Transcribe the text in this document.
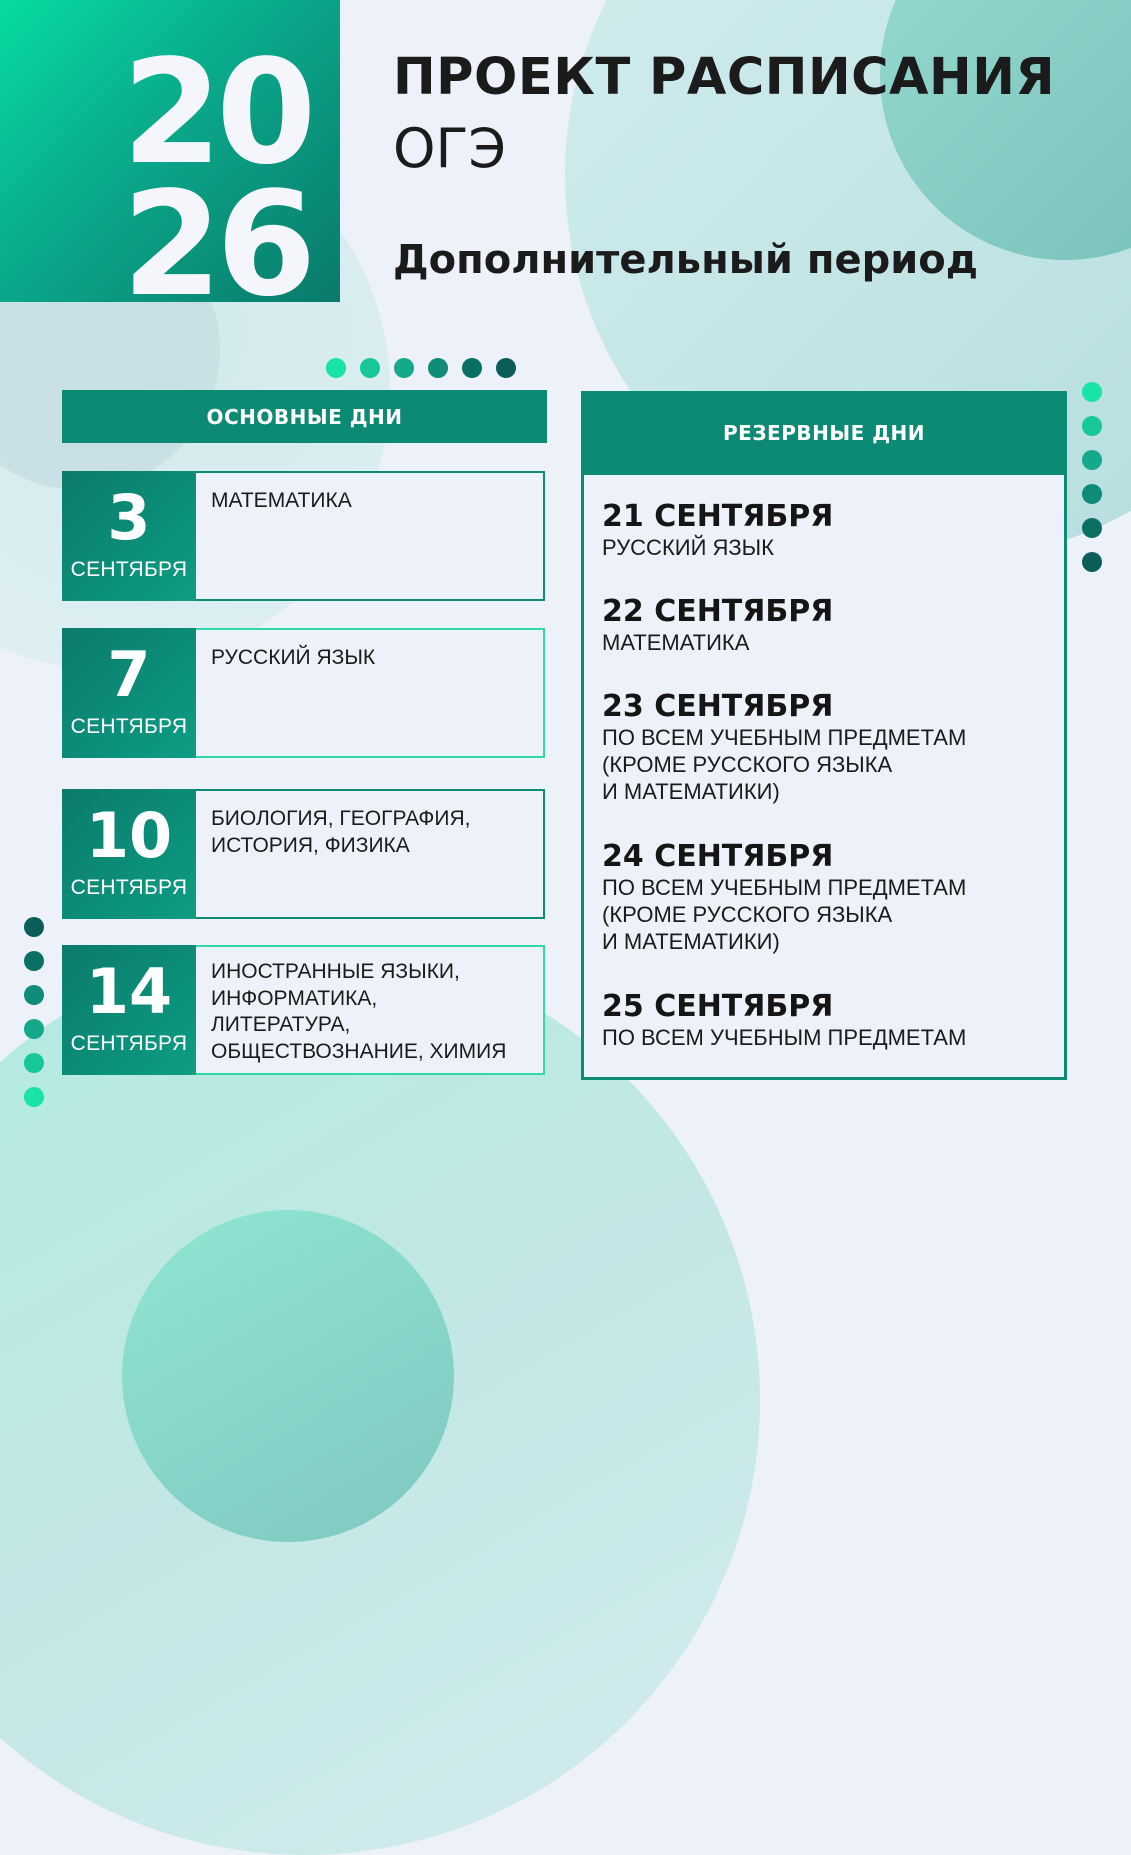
20
26
ПРОЕКТ РАСПИСАНИЯ
ОГЭ
Дополнительный период
ОСНОВНЫЕ ДНИ
3
СЕНТЯБРЯ
МАТЕМАТИКА
7
СЕНТЯБРЯ
РУССКИЙ ЯЗЫК
10
СЕНТЯБРЯ
БИОЛОГИЯ, ГЕОГРАФИЯ,
ИСТОРИЯ, ФИЗИКА
14
СЕНТЯБРЯ
ИНОСТРАННЫЕ ЯЗЫКИ,
ИНФОРМАТИКА,
ЛИТЕРАТУРА,
ОБЩЕСТВОЗНАНИЕ, ХИМИЯ
РЕЗЕРВНЫЕ ДНИ
21 СЕНТЯБРЯ
РУССКИЙ ЯЗЫК
22 СЕНТЯБРЯ
МАТЕМАТИКА
23 СЕНТЯБРЯ
ПО ВСЕМ УЧЕБНЫМ ПРЕДМЕТАМ
(КРОМЕ РУССКОГО ЯЗЫКА
И МАТЕМАТИКИ)
24 СЕНТЯБРЯ
ПО ВСЕМ УЧЕБНЫМ ПРЕДМЕТАМ
(КРОМЕ РУССКОГО ЯЗЫКА
И МАТЕМАТИКИ)
25 СЕНТЯБРЯ
ПО ВСЕМ УЧЕБНЫМ ПРЕДМЕТАМ
